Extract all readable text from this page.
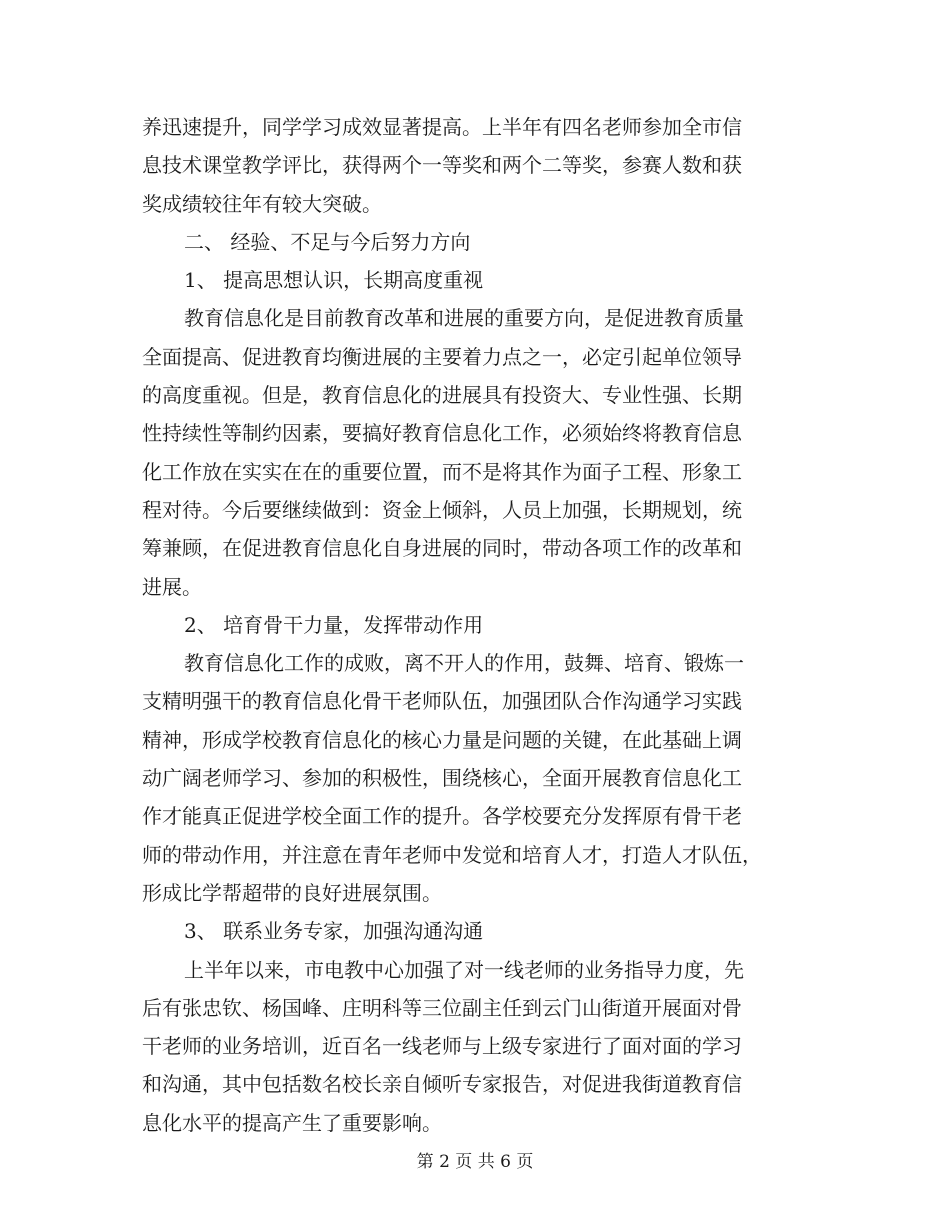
养迅速提升，同学学习成效显著提高。上半年有四名老师参加全市信
息技术课堂教学评比，获得两个一等奖和两个二等奖，参赛人数和获
奖成绩较往年有较大突破。
二、 经验、不足与今后努力方向
1、 提高思想认识，长期高度重视
教育信息化是目前教育改革和进展的重要方向，是促进教育质量
全面提高、促进教育均衡进展的主要着力点之一，必定引起单位领导
的高度重视。但是，教育信息化的进展具有投资大、专业性强、长期
性持续性等制约因素，要搞好教育信息化工作，必须始终将教育信息
化工作放在实实在在的重要位置，而不是将其作为面子工程、形象工
程对待。今后要继续做到：资金上倾斜，人员上加强，长期规划，统
筹兼顾，在促进教育信息化自身进展的同时，带动各项工作的改革和
进展。
2、 培育骨干力量，发挥带动作用
教育信息化工作的成败，离不开人的作用，鼓舞、培育、锻炼一
支精明强干的教育信息化骨干老师队伍，加强团队合作沟通学习实践
精神，形成学校教育信息化的核心力量是问题的关键，在此基础上调
动广阔老师学习、参加的积极性，围绕核心，全面开展教育信息化工
作才能真正促进学校全面工作的提升。各学校要充分发挥原有骨干老
师的带动作用，并注意在青年老师中发觉和培育人才，打造人才队伍，
形成比学帮超带的良好进展氛围。
3、 联系业务专家，加强沟通沟通
上半年以来，市电教中心加强了对一线老师的业务指导力度，先
后有张忠钦、杨国峰、庄明科等三位副主任到云门山街道开展面对骨
干老师的业务培训，近百名一线老师与上级专家进行了面对面的学习
和沟通，其中包括数名校长亲自倾听专家报告，对促进我街道教育信
息化水平的提高产生了重要影响。
第 2 页 共 6 页
